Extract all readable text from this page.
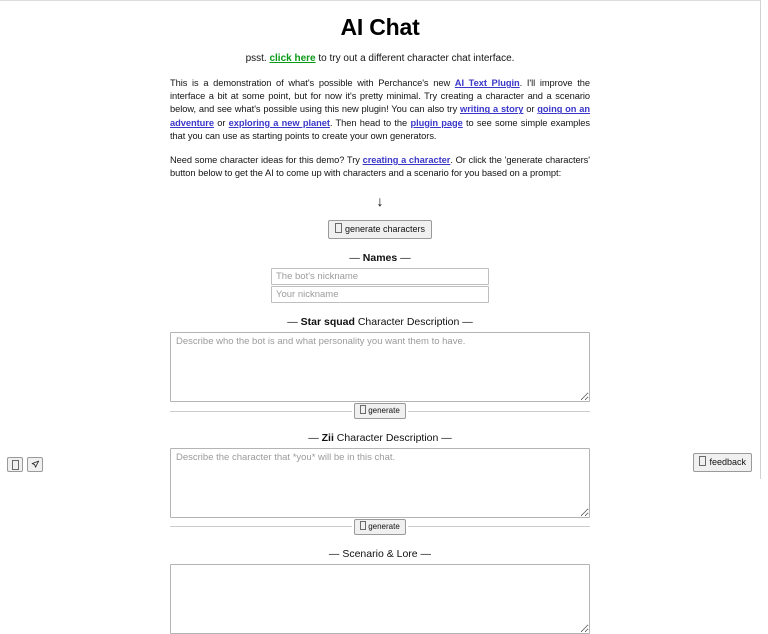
AI Chat

psst. click here to try out a different character chat interface.

This is a demonstration of what's possible with Perchance's new AI Text Plugin. I'll improve the interface a bit at some point, but for now it's pretty minimal. Try creating a character and a scenario below, and see what's possible using this new plugin! You can also try writing a story or going on an adventure or exploring a new planet. Then head to the plugin page to see some simple examples that you can use as starting points to create your own generators.

Need some character ideas for this demo? Try creating a character. Or click the 'generate characters' button below to get the AI to come up with characters and a scenario for you based on a prompt:

↓
generate characters
— Names —
The bot's nickname
Your nickname
— Star squad Character Description —
Describe who the bot is and what personality you want them to have.
generate
— Zii Character Description —
Describe the character that *you* will be in this chat.
generate
— Scenario & Lore —
feedback
